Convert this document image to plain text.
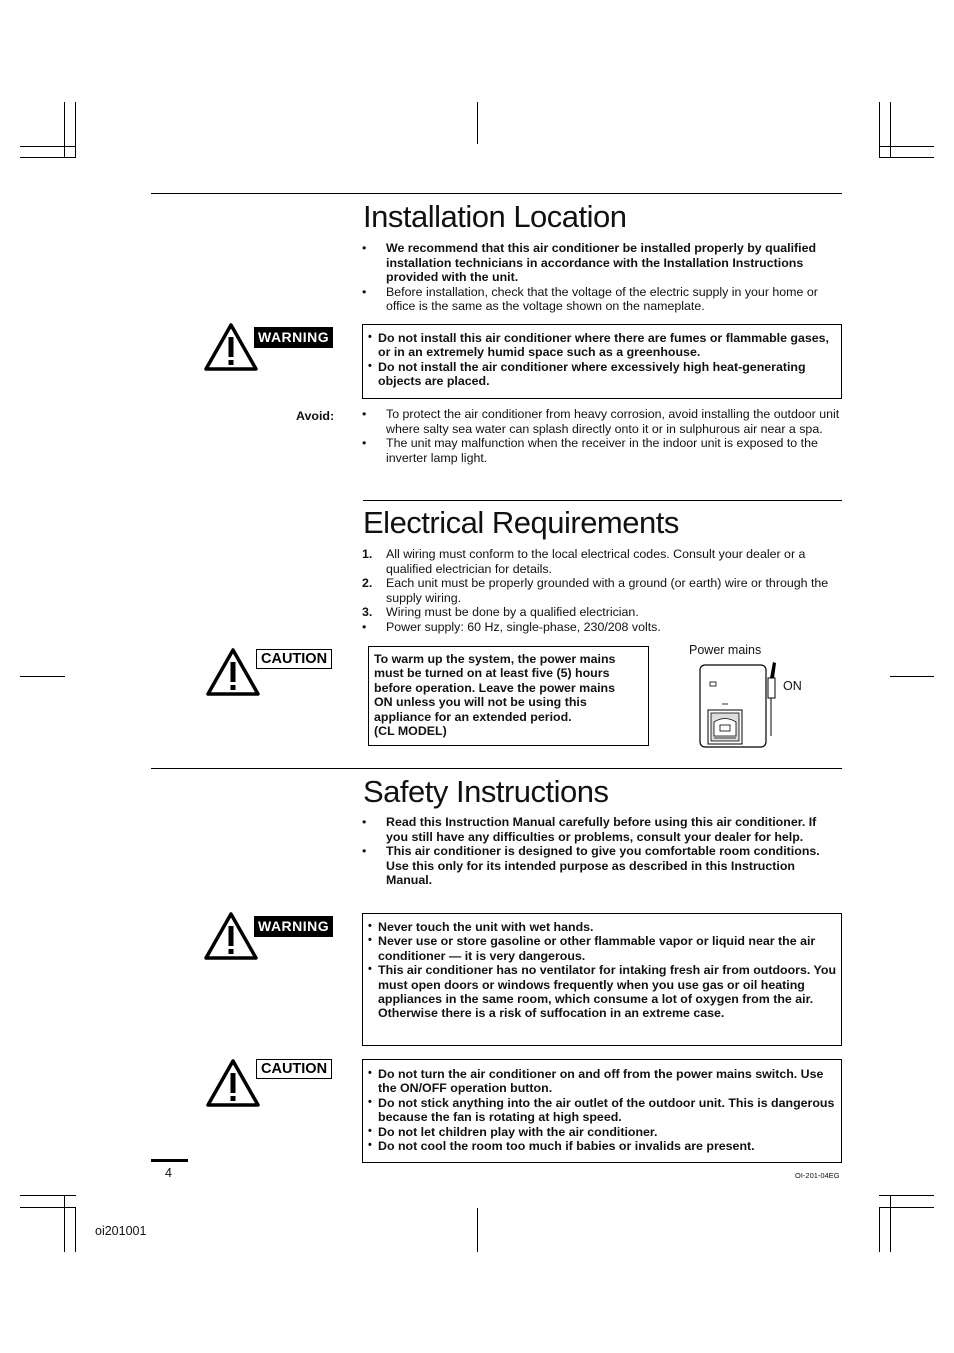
Installation Location
• We recommend that this air conditioner be installed properly by qualified installation technicians in accordance with the Installation Instructions provided with the unit.
• Before installation, check that the voltage of the electric supply in your home or office is the same as the voltage shown on the nameplate.
WARNING	• Do not install this air conditioner where there are fumes or flammable gases, or in an extremely humid space such as a greenhouse.
• Do not install the air conditioner where excessively high heat-generating objects are placed.
Avoid: • To protect the air conditioner from heavy corrosion, avoid installing the outdoor unit where salty sea water can splash directly onto it or in sulphurous air near a spa.
• The unit may malfunction when the receiver in the indoor unit is exposed to the inverter lamp light.
Electrical Requirements
1. All wiring must conform to the local electrical codes. Consult your dealer or a qualified electrician for details.
2. Each unit must be properly grounded with a ground (or earth) wire or through the supply wiring.
3. Wiring must be done by a qualified electrician.
• Power supply: 60 Hz, single-phase, 230/208 volts.
CAUTION	To warm up the system, the power mains
must be turned on at least five (5) hours
before operation. Leave the power mains
ON unless you will not be using this
appliance for an extended period.
(CL MODEL)
Power mains
ON
Safety Instructions
• Read this Instruction Manual carefully before using this air conditioner. If you still have any difficulties or problems, consult your dealer for help.
• This air conditioner is designed to give you comfortable room conditions. Use this only for its intended purpose as described in this Instruction Manual.
WARNING	• Never touch the unit with wet hands.
• Never use or store gasoline or other flammable vapor or liquid near the air conditioner — it is very dangerous.
• This air conditioner has no ventilator for intaking fresh air from outdoors. You must open doors or windows frequently when you use gas or oil heating appliances in the same room, which consume a lot of oxygen from the air. Otherwise there is a risk of suffocation in an extreme case.
CAUTION	• Do not turn the air conditioner on and off from the power mains switch. Use the ON/OFF operation button.
• Do not stick anything into the air outlet of the outdoor unit. This is dangerous because the fan is rotating at high speed.
• Do not let children play with the air conditioner.
• Do not cool the room too much if babies or invalids are present.
4	OI-201-04EG
oi201001
